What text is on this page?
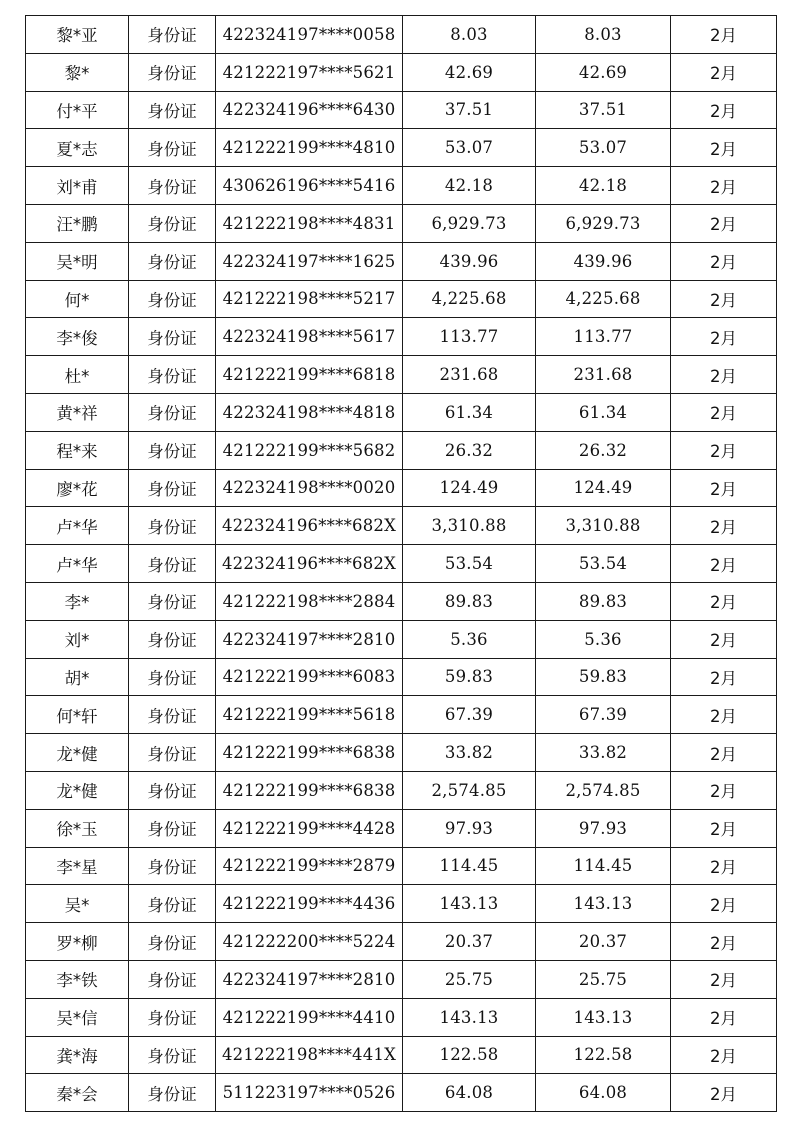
黎*亚	身份证	422324197****0058	8.03	8.03	2月
黎*	身份证	421222197****5621	42.69	42.69	2月
付*平	身份证	422324196****6430	37.51	37.51	2月
夏*志	身份证	421222199****4810	53.07	53.07	2月
刘*甫	身份证	430626196****5416	42.18	42.18	2月
汪*鹏	身份证	421222198****4831	6,929.73	6,929.73	2月
吴*明	身份证	422324197****1625	439.96	439.96	2月
何*	身份证	421222198****5217	4,225.68	4,225.68	2月
李*俊	身份证	422324198****5617	113.77	113.77	2月
杜*	身份证	421222199****6818	231.68	231.68	2月
黄*祥	身份证	422324198****4818	61.34	61.34	2月
程*来	身份证	421222199****5682	26.32	26.32	2月
廖*花	身份证	422324198****0020	124.49	124.49	2月
卢*华	身份证	422324196****682X	3,310.88	3,310.88	2月
卢*华	身份证	422324196****682X	53.54	53.54	2月
李*	身份证	421222198****2884	89.83	89.83	2月
刘*	身份证	422324197****2810	5.36	5.36	2月
胡*	身份证	421222199****6083	59.83	59.83	2月
何*轩	身份证	421222199****5618	67.39	67.39	2月
龙*健	身份证	421222199****6838	33.82	33.82	2月
龙*健	身份证	421222199****6838	2,574.85	2,574.85	2月
徐*玉	身份证	421222199****4428	97.93	97.93	2月
李*星	身份证	421222199****2879	114.45	114.45	2月
吴*	身份证	421222199****4436	143.13	143.13	2月
罗*柳	身份证	421222200****5224	20.37	20.37	2月
李*铁	身份证	422324197****2810	25.75	25.75	2月
吴*信	身份证	421222199****4410	143.13	143.13	2月
龚*海	身份证	421222198****441X	122.58	122.58	2月
秦*会	身份证	511223197****0526	64.08	64.08	2月
